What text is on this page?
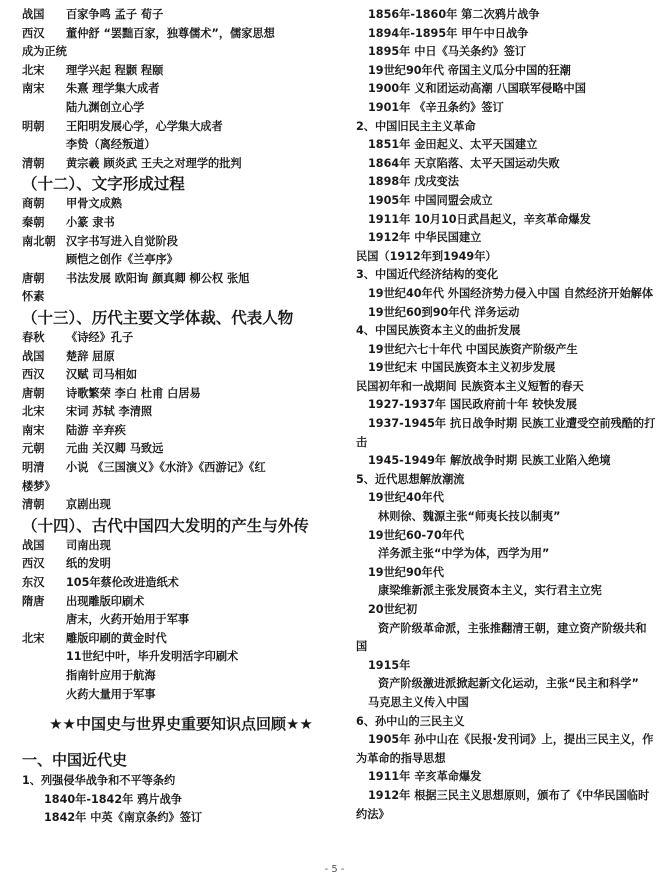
战国 百家争鸣 孟子 荀子
西汉 董仲舒 “罢黜百家，独尊儒术”，儒家思想
成为正统
北宋 理学兴起 程颢 程颐
南宋 朱熹 理学集大成者
陆九渊创立心学
明朝 王阳明发展心学，心学集大成者
李贽（离经叛道）
清朝 黄宗羲 顾炎武 王夫之对理学的批判
（十二）、文字形成过程
商朝 甲骨文成熟
秦朝 小篆 隶书
南北朝 汉字书写进入自觉阶段
顾恺之创作《兰亭序》
唐朝 书法发展 欧阳询 颜真卿 柳公权 张旭
怀素
（十三）、历代主要文学体裁、代表人物
春秋 《诗经》孔子
战国 楚辞 屈原
西汉 汉赋 司马相如
唐朝 诗歌繁荣 李白 杜甫 白居易
北宋 宋词 苏轼 李清照
南宋 陆游 辛弃疾
元朝 元曲 关汉卿 马致远
明清 小说 《三国演义》《水浒》《西游记》《红
楼梦》
清朝 京剧出现
（十四）、古代中国四大发明的产生与外传
战国 司南出现
西汉 纸的发明
东汉 105年蔡伦改进造纸术
隋唐 出现雕版印刷术
唐末，火药开始用于军事
北宋 雕版印刷的黄金时代
11世纪中叶，毕升发明活字印刷术
指南针应用于航海
火药大量用于军事
★★中国史与世界史重要知识点回顾★★
一、中国近代史
1、列强侵华战争和不平等条约
1840年-1842年 鸦片战争
1842年 中英《南京条约》签订
1856年-1860年 第二次鸦片战争
1894年-1895年 甲午中日战争
1895年 中日《马关条约》签订
19世纪90年代 帝国主义瓜分中国的狂潮
1900年 义和团运动高潮 八国联军侵略中国
1901年 《辛丑条约》签订
2、中国旧民主主义革命
1851年 金田起义、太平天国建立
1864年 天京陷落、太平天国运动失败
1898年 戊戌变法
1905年 中国同盟会成立
1911年 10月10日武昌起义，辛亥革命爆发
1912年 中华民国建立
民国（1912年到1949年）
3、中国近代经济结构的变化
19世纪40年代 外国经济势力侵入中国 自然经济开始解体
19世纪60到90年代 洋务运动
4、中国民族资本主义的曲折发展
19世纪六七十年代 中国民族资产阶级产生
19世纪末 中国民族资本主义初步发展
民国初年和一战期间 民族资本主义短暂的春天
1927-1937年 国民政府前十年 较快发展
1937-1945年 抗日战争时期 民族工业遭受空前残酷的打击
1945-1949年 解放战争时期 民族工业陷入绝境
5、近代思想解放潮流
19世纪40年代
林则徐、魏源主张“师夷长技以制夷”
19世纪60-70年代
洋务派主张“中学为体，西学为用”
19世纪90年代
康梁维新派主张发展资本主义，实行君主立宪
20世纪初
资产阶级革命派，主张推翻清王朝，建立资产阶级共和国
1915年
资产阶级激进派掀起新文化运动，主张“民主和科学”
马克思主义传入中国
6、孙中山的三民主义
1905年 孙中山在《民报·发刊词》上，提出三民主义，作为革命的指导思想
1911年 辛亥革命爆发
1912年 根据三民主义思想原则，颁布了《中华民国临时约法》
- 5 -
